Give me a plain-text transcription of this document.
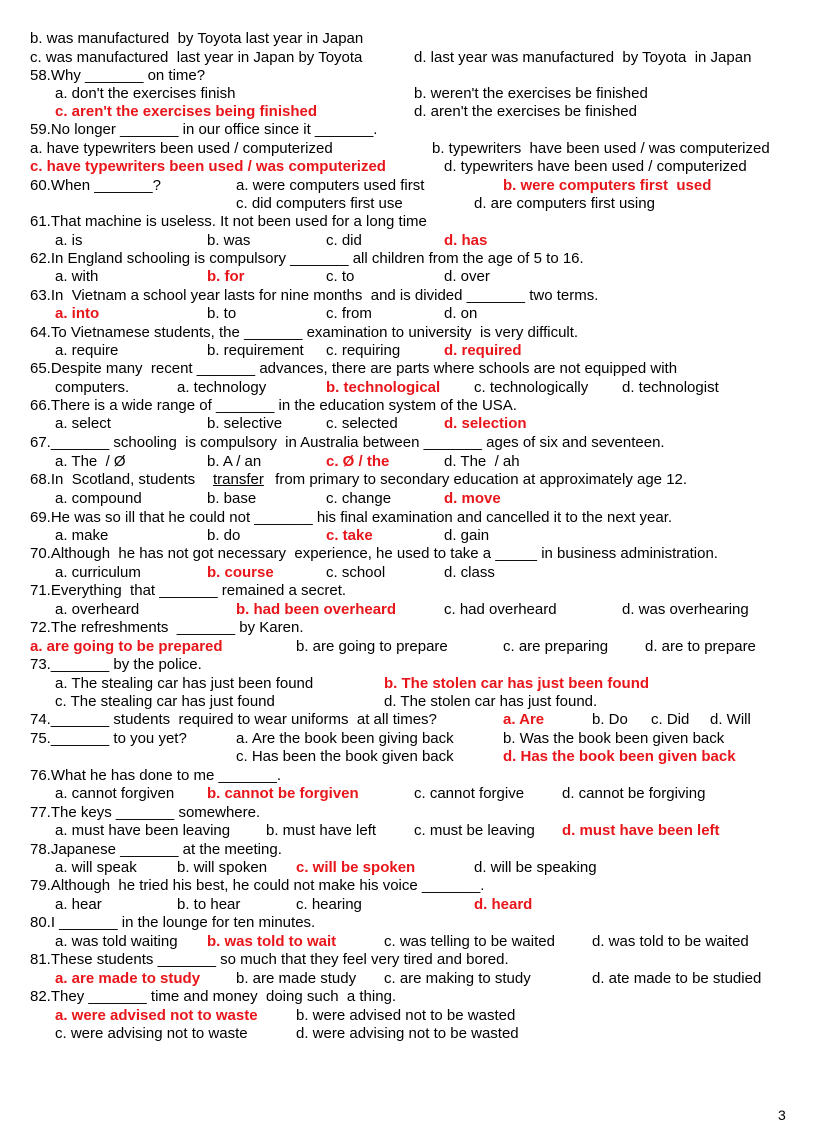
b. was manufactured  by Toyota last year in Japan
c. was manufactured  last year in Japan by Toyota	d. last year was manufactured  by Toyota  in Japan
58.Why _______ on time?
a. don't the exercises finish	b. weren't the exercises be finished
c. aren't the exercises being finished	d. aren't the exercises be finished
59.No longer _______ in our office since it _______.
a. have typewriters been used / computerized	b. typewriters  have been used / was computerized
c. have typewriters been used / was computerized	d. typewriters have been used / computerized
60.When _______?	a. were computers used first	b. were computers first  used
c. did computers first use	d. are computers first using
61.That machine is useless. It not been used for a long time
a. is	b. was	c. did	d. has
62.In England schooling is compulsory _______ all children from the age of 5 to 16.
a. with	b. for	c. to	d. over
63.In  Vietnam a school year lasts for nine months  and is divided _______ two terms.
a. into	b. to	c. from	d. on
64.To Vietnamese students, the _______ examination to university  is very difficult.
a. require	b. requirement c. requiring	d. required
65.Despite many  recent _______ advances, there are parts where schools are not equipped with
computers.	a. technology	b. technological c. technologically d. technologist
66.There is a wide range of _______ in the education system of the USA.
a. select	b. selective	c. selected	d. selection
67._______ schooling  is compulsory  in Australia between _______ ages of six and seventeen.
a. The  / Ø	b. A / an	c. Ø / the	d. The  / ah
68.In  Scotland, students transfer from primary to secondary education at approximately age 12.
a. compound	b. base	c. change	d. move
69.He was so ill that he could not _______ his final examination and cancelled it to the next year.
a. make	b. do	c. take	d. gain
70.Although  he has not got necessary  experience, he used to take a _____ in business administration.
a. curriculum	b. course	c. school	d. class
71.Everything  that _______ remained a secret.
a. overheard	b. had been overheard	c. had overheard	d. was overhearing
72.The refreshments  _______ by Karen.
a. are going to be prepared	b. are going to prepare	c. are preparing d. are to prepare
73._______ by the police.
a. The stealing car has just been found	b. The stolen car has just been found
c. The stealing car has just found	d. The stolen car has just found.
74._______ students  required to wear uniforms  at all times?	a. Are	b. Do c. Did d. Will
75._______ to you yet?	a. Are the book been giving back	b. Was the book been given back
c. Has been the book given back	d. Has the book been given back
76.What he has done to me _______.
a. cannot forgiven b. cannot be forgiven	c. cannot forgive	d. cannot be forgiving
77.The keys _______ somewhere.
a. must have been leaving b. must have left	c. must be leaving d. must have been left
78.Japanese _______ at the meeting.
a. will speak	b. will spoken c. will be spoken	d. will be speaking
79.Although  he tried his best, he could not make his voice _______.
a. hear	b. to hear	c. hearing	d. heard
80.I _______ in the lounge for ten minutes.
a. was told waiting b. was told to wait	c. was telling to be waited d. was told to be waited
81.These students _______ so much that they feel very tired and bored.
a. are made to study b. are made study c. are making to study	d. ate made to be studied
82.They _______ time and money  doing such  a thing.
a. were advised not to waste	b. were advised not to be wasted
c. were advising not to waste	d. were advising not to be wasted
3
